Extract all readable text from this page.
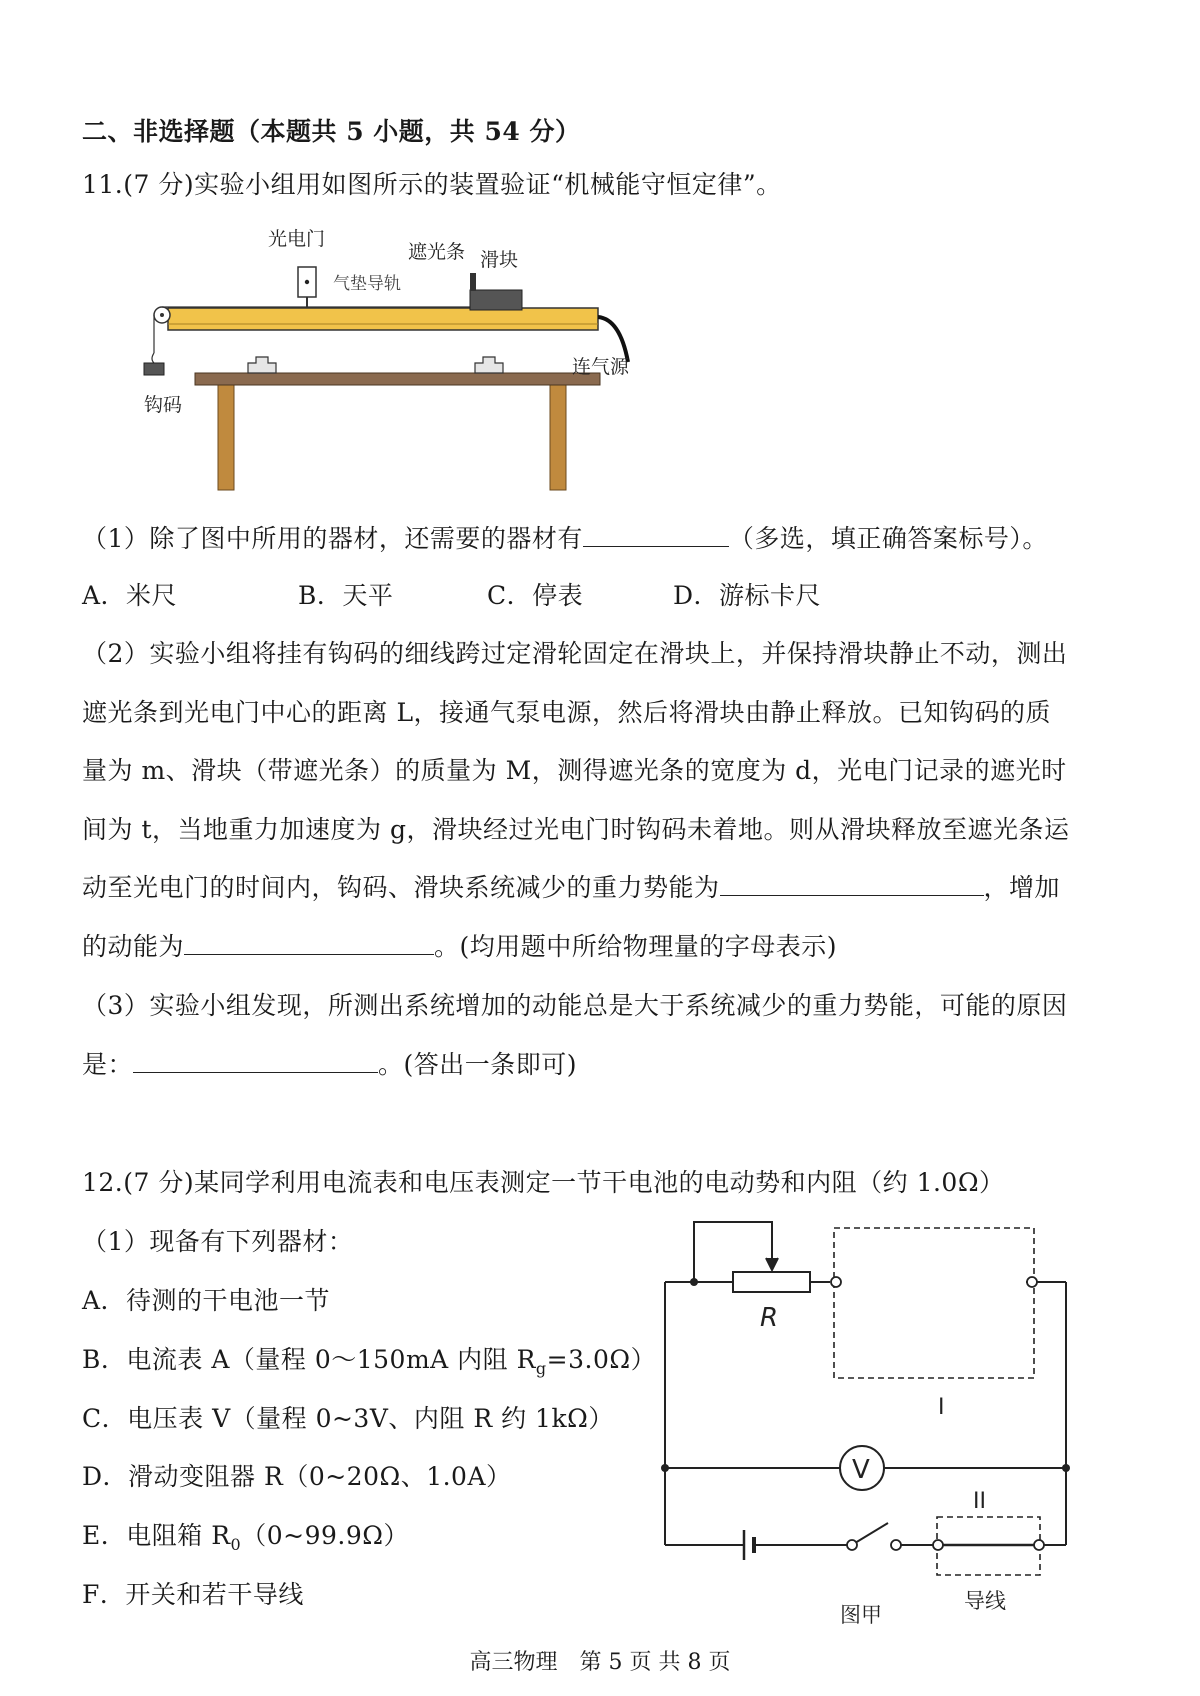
二、非选择题（本题共 5 小题，共 54 分）
11.(7 分)实验小组用如图所示的装置验证“机械能守恒定律”。
光电门
遮光条 滑块
气垫导轨
连气源
钩码
（1）除了图中所用的器材，还需要的器材有	（多选，填正确答案标号）。
A．米尺	B．天平	C．停表	D．游标卡尺
（2）实验小组将挂有钩码的细线跨过定滑轮固定在滑块上，并保持滑块静止不动，测出
遮光条到光电门中心的距离 L，接通气泵电源，然后将滑块由静止释放。已知钩码的质
量为 m、滑块（带遮光条）的质量为 M，测得遮光条的宽度为 d，光电门记录的遮光时
间为 t，当地重力加速度为 g，滑块经过光电门时钩码未着地。则从滑块释放至遮光条运
动至光电门的时间内，钩码、滑块系统减少的重力势能为	，增加
的动能为	。(均用题中所给物理量的字母表示)
（3）实验小组发现，所测出系统增加的动能总是大于系统减少的重力势能，可能的原因
是：	。(答出一条即可)
12.(7 分)某同学利用电流表和电压表测定一节干电池的电动势和内阻（约 1.0Ω）
（1）现备有下列器材：
A．待测的干电池一节
B．电流表 A（量程 0～150mA 内阻 $R_g=3.0\Omega$）
C．电压表 V（量程 0~3V、内阻 R 约 1kΩ）
D．滑动变阻器 R（0~20Ω、1.0A）
E．电阻箱 $R_0(0\sim 99.9\Omega)$
F．开关和若干导线
R
I
V
II
导线
图甲
高三物理　第 5 页 共 8 页
